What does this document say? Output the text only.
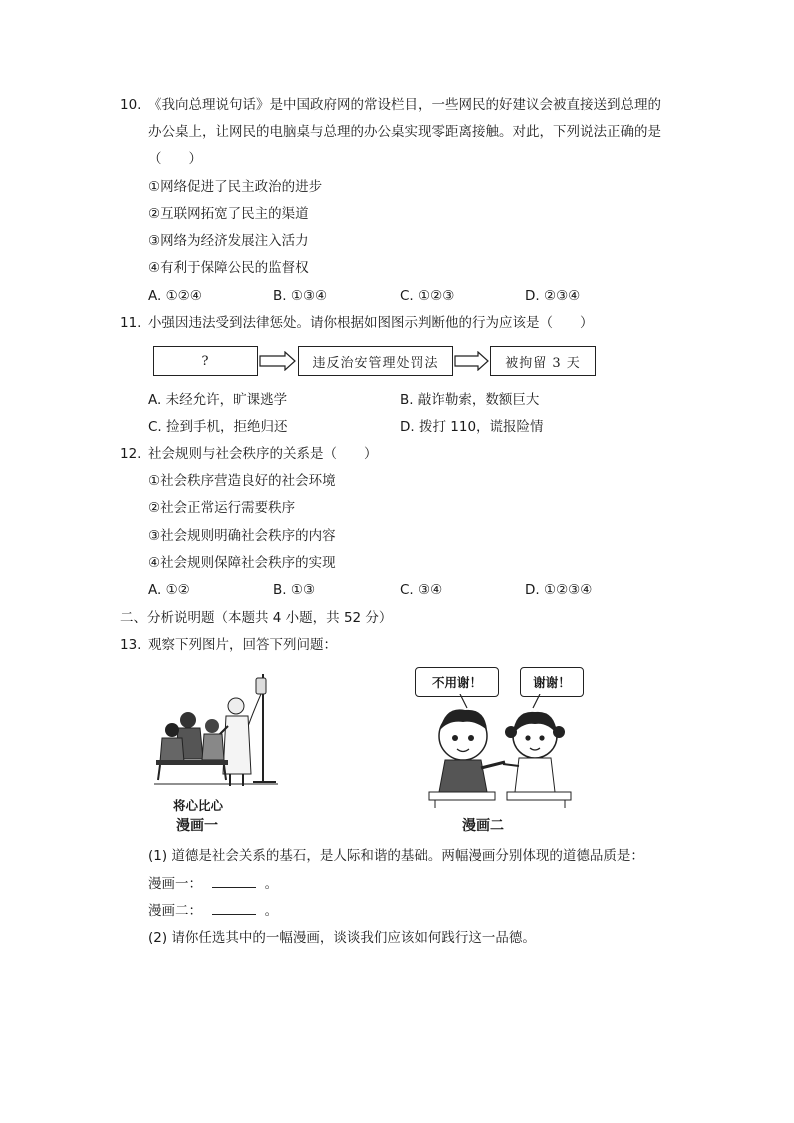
10. 《我向总理说句话》是中国政府网的常设栏目，一些网民的好建议会被直接送到总理的
办公桌上，让网民的电脑桌与总理的办公桌实现零距离接触。对此，下列说法正确的是
（　　）
①网络促进了民主政治的进步
②互联网拓宽了民主的渠道
③网络为经济发展注入活力
④有利于保障公民的监督权
A. ①②④	B. ①③④	C. ①②③	D. ②③④
11. 小强因违法受到法律惩处。请你根据如图图示判断他的行为应该是（　　）
?	违反治安管理处罚法	被拘留 3 天
A. 未经允许，旷课逃学	B. 敲诈勒索，数额巨大
C. 捡到手机，拒绝归还	D. 拨打 110，谎报险情
12. 社会规则与社会秩序的关系是（　　）
①社会秩序营造良好的社会环境
②社会正常运行需要秩序
③社会规则明确社会秩序的内容
④社会规则保障社会秩序的实现
A. ①②	B. ①③	C. ③④	D. ①②③④
二、分析说明题（本题共 4 小题，共 52 分）
13. 观察下列图片，回答下列问题：
将心比心
漫画一
不用谢！	谢谢！
漫画二
(1) 道德是社会关系的基石，是人际和谐的基础。两幅漫画分别体现的道德品质是：
漫画一：	。
漫画二：	。
(2) 请你任选其中的一幅漫画，谈谈我们应该如何践行这一品德。
